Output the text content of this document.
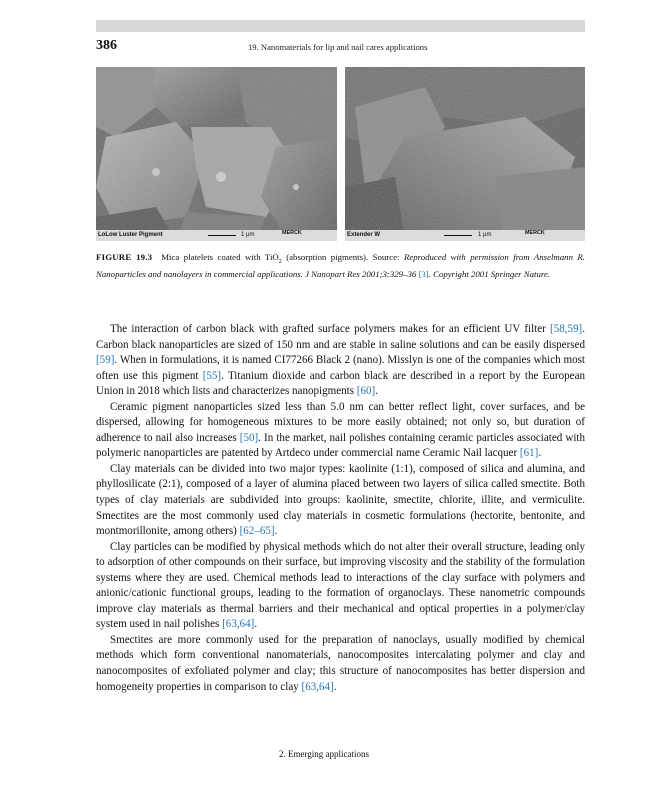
386	19. Nanomaterials for lip and nail cares applications
LoLow Luster Pigment	1 µm	MERCK	Extender W	1 µm	MERCK
FIGURE 19.3 Mica platelets coated with TiO$_2$ (absorption pigments). Source: Reproduced with permission from Anselmann R. Nanoparticles and nanolayers in commercial applications. J Nanopart Res 2001;3:329–36 [3]. Copyright 2001 Springer Nature.

The interaction of carbon black with grafted surface polymers makes for an efficient UV filter [58,59]. Carbon black nanoparticles are sized of 150 nm and are stable in saline solutions and can be easily dispersed [59]. When in formulations, it is named CI77266 Black 2 (nano). Misslyn is one of the companies which most often use this pigment [55]. Titanium dioxide and carbon black are described in a report by the European Union in 2018 which lists and characterizes nanopigments [60].

Ceramic pigment nanoparticles sized less than 5.0 nm can better reflect light, cover surfaces, and be dispersed, allowing for homogeneous mixtures to be more easily obtained; not only so, but duration of adherence to nail also increases [50]. In the market, nail polishes containing ceramic particles associated with polymeric nanoparticles are patented by Artdeco under commercial name Ceramic Nail lacquer [61].

Clay materials can be divided into two major types: kaolinite (1:1), composed of silica and alumina, and phyllosilicate (2:1), composed of a layer of alumina placed between two layers of silica called smectite. Both types of clay materials are subdivided into groups: kaolinite, smectite, chlorite, illite, and vermiculite. Smectites are the most commonly used clay materials in cosmetic formulations (hectorite, bentonite, and montmorillonite, among others) [62–65].

Clay particles can be modified by physical methods which do not alter their overall structure, leading only to adsorption of other compounds on their surface, but improving viscosity and the stability of the formulation systems where they are used. Chemical methods lead to interactions of the clay surface with polymers and anionic/cationic functional groups, leading to the formation of organoclays. These nanometric compounds improve clay materials as thermal barriers and their mechanical and optical properties in a polymer/clay system used in nail polishes [63,64].

Smectites are more commonly used for the preparation of nanoclays, usually modified by chemical methods which form conventional nanomaterials, nanocomposites intercalating polymer and clay and nanocomposites of exfoliated polymer and clay; this structure of nanocomposites has better dispersion and homogeneity properties in comparison to clay [63,64].

2. Emerging applications
